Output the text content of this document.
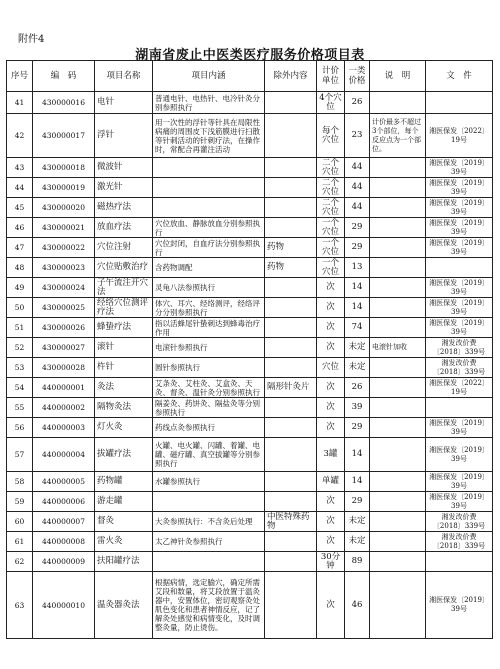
附件4
湖南省废止中医类医疗服务价格项目表
序号	编　码	项目名称	项目内涵	除外内容	计价单位	一类价格	说　明	文　件
41	430000016	电针	普通电针、电热针、电冷针灸分别参照执行		4个穴位	26		
42	430000017	浮针	用一次性的浮针等针具在局限性病痛的周围皮下浅筋膜进行扫散等针刺活动的针刺疗法，在操作时，常配合再灌注活动		每个穴位	23	计价最多不超过3个部位，每个反应点为一个部位。	湘医保发〔2022〕19号
43	430000018	微波针			二个穴位	44		湘医保发〔2019〕39号
44	430000019	激光针			二个穴位	44		湘医保发〔2019〕39号
45	430000020	磁热疗法			二个穴位	44		湘医保发〔2019〕39号
46	430000021	放血疗法	穴位放血、静脉放血分别参照执行		一个穴位	29		湘医保发〔2019〕39号
47	430000022	穴位注射	穴位封闭，自血疗法分别参照执行	药物	一个穴位	29		湘医保发〔2019〕39号
48	430000023	穴位贴敷治疗	含药物调配	药物	一个穴位	13		
49	430000024	子午流注开穴法	灵龟八法参照执行		次	14		湘医保发〔2019〕39号
50	430000025	经络穴位测评疗法	体穴、耳穴、经络测评，经络评分分别参照执行		次	14		湘医保发〔2019〕39号
51	430000026	蜂蛰疗法	指以活蜂尾针蛰刺达到蜂毒治疗作用		次	74		湘医保发〔2019〕39号
52	430000027	滚针	电滚针参照执行		次	未定	电滚针加收	湘发改价费〔2018〕339号
53	430000028	杵针	圆针参照执行		穴位	未定		湘发改价费〔2018〕339号
54	440000001	灸法	艾条灸、艾柱灸、艾盒灸、天灸、督灸、温针灸分别参照执行	隔形针灸片	次	26		湘医保发〔2022〕19号
55	440000002	隔物灸法	隔姜灸、药饼灸、隔盐灸等分别参照执行		次	39		
56	440000003	灯火灸	药线点灸参照执行		次	29		湘医保发〔2019〕39号
57	440000004	拔罐疗法	火罐、电火罐、闪罐、着罐、电罐、磁疗罐、真空拔罐等分别参照执行		3罐	14		湘医保发〔2019〕39号
58	440000005	药物罐	水罐参照执行		单罐	14		湘医保发〔2019〕39号
59	440000006	游走罐			次	29		湘医保发〔2019〕39号
60	440000007	督灸	大灸参照执行：不含灸后处理	中医特殊药物	次	未定		湘发改价费〔2018〕339号
61	440000008	雷火灸	太乙神针灸参照执行		次	未定		湘发改价费〔2018〕339号
62	440000009	扶阳罐疗法			30分钟	89		
63	440000010	温灸器灸法	根据病情，选定腧穴，确定所需艾段和数量，将艾段放置于温灸器中，安置体位，密切观察灸处肌色变化和患者神情反应，记了解灸处感觉和病情变化，及时调整灸量，防止烫伤。		次	46		湘医保发〔2019〕39号
